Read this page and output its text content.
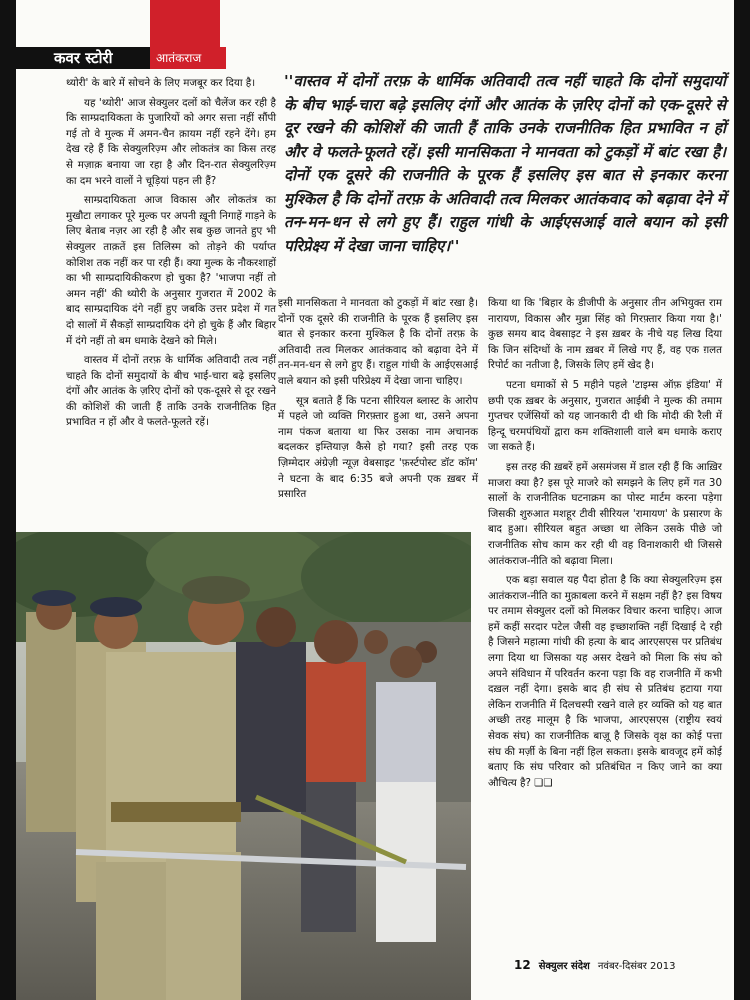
कवर स्टोरी	आतंकराज

''वास्तव में दोनों तरफ़ के धार्मिक अतिवादी तत्व नहीं चाहते कि दोनों समुदायों के बीच भाई-चारा बढ़े इसलिए दंगों और आतंक के ज़रिए दोनों को एक-दूसरे से दूर रखने की कोशिशें की जाती हैं ताकि उनके राजनीतिक हित प्रभावित न हों और वे फलते-फूलते रहें। इसी मानसिकता ने मानवता को टुकड़ों में बांट रखा है। दोनों एक दूसरे की राजनीति के पूरक हैं इसलिए इस बात से इनकार करना मुश्किल है कि दोनों तरफ़ के अतिवादी तत्व मिलकर आतंकवाद को बढ़ावा देने में तन-मन-धन से लगे हुए हैं। राहुल गांधी के आईएसआई वाले बयान को इसी परिप्रेक्ष्य में देखा जाना चाहिए।''

थ्योरी' के बारे में सोचने के लिए मजबूर कर दिया है।

यह 'थ्योरी' आज सेक्युलर दलों को चैलेंज कर रही है कि साम्प्रदायिकता के पुजारियों को अगर सत्ता नहीं सौंपी गई तो वे मुल्क में अमन-चैन क़ायम नहीं रहने देंगे। हम देख रहे हैं कि सेक्युलरिज़्म और लोकतंत्र का किस तरह से मज़ाक़ बनाया जा रहा है और दिन-रात सेक्युलरिज़्म का दम भरने वालों ने चूड़ियां पहन ली हैं?

साम्प्रदायिकता आज विकास और लोकतंत्र का मुखौटा लगाकर पूरे मुल्क पर अपनी ख़ूनी निगाहें गाड़ने के लिए बेताब नज़र आ रही है और सब कुछ जानते हुए भी सेक्युलर ताक़तें इस तिलिस्म को तोड़ने की पर्याप्त कोशिश तक नहीं कर पा रही हैं। क्या मुल्क के नौकरशाहों का भी साम्प्रदायिकीकरण हो चुका है? 'भाजपा नहीं तो अमन नहीं' की थ्योरी के अनुसार गुजरात में 2002 के बाद साम्प्रदायिक दंगे नहीं हुए जबकि उत्तर प्रदेश में गत दो सालों में सैकड़ों साम्प्रदायिक दंगे हो चुके हैं और बिहार में दंगे नहीं तो बम धमाके देखने को मिले।

वास्तव में दोनों तरफ़ के धार्मिक अतिवादी तत्व नहीं चाहते कि दोनों समुदायों के बीच भाई-चारा बढ़े इसलिए दंगों और आतंक के ज़रिए दोनों को एक-दूसरे से दूर रखने की कोशिशें की जाती हैं ताकि उनके राजनीतिक हित प्रभावित न हों और वे फलते-फूलते रहें।

इसी मानसिकता ने मानवता को टुकड़ों में बांट रखा है। दोनों एक दूसरे की राजनीति के पूरक हैं इसलिए इस बात से इनकार करना मुश्किल है कि दोनों तरफ़ के अतिवादी तत्व मिलकर आतंकवाद को बढ़ावा देने में तन-मन-धन से लगे हुए हैं। राहुल गांधी के आईएसआई वाले बयान को इसी परिप्रेक्ष्य में देखा जाना चाहिए।

सूत्र बताते हैं कि पटना सीरियल ब्लास्ट के आरोप में पहले जो व्यक्ति गिरफ़्तार हुआ था, उसने अपना नाम पंकज बताया था फिर उसका नाम अचानक बदलकर इम्तियाज़ कैसे हो गया? इसी तरह एक ज़िम्मेदार अंग्रेज़ी न्यूज़ वेबसाइट 'फ़र्स्टपोस्ट डॉट कॉम' ने घटना के बाद 6:35 बजे अपनी एक ख़बर में प्रसारित

किया था कि 'बिहार के डीजीपी के अनुसार तीन अभियुक्त राम नारायण, विकास और मुन्ना सिंह को गिरफ़्तार किया गया है।' कुछ समय बाद वेबसाइट ने इस ख़बर के नीचे यह लिख दिया कि जिन संदिग्धों के नाम ख़बर में लिखे गए हैं, वह एक ग़लत रिपोर्ट का नतीजा है, जिसके लिए हमें खेद है।

पटना धमाकों से 5 महीने पहले 'टाइम्स ऑफ़ इंडिया' में छपी एक ख़बर के अनुसार, गुजरात आईबी ने मुल्क की तमाम गुप्तचर एजेंसियों को यह जानकारी दी थी कि मोदी की रैली में हिन्दू चरमपंथियों द्वारा कम शक्तिशाली वाले बम धमाके कराए जा सकते हैं।

इस तरह की ख़बरें हमें असमंजस में डाल रही हैं कि आख़िर माजरा क्या है? इस पूरे माजरे को समझने के लिए हमें गत 30 सालों के राजनीतिक घटनाक्रम का पोस्ट मार्टम करना पड़ेगा जिसकी शुरुआत मशहूर टीवी सीरियल 'रामायण' के प्रसारण के बाद हुआ। सीरियल बहुत अच्छा था लेकिन उसके पीछे जो राजनीतिक सोच काम कर रही थी वह विनाशकारी थी जिससे आतंकराज-नीति को बढ़ावा मिला।

एक बड़ा सवाल यह पैदा होता है कि क्या सेक्युलरिज़्म इस आतंकराज-नीति का मुक़ाबला करने में सक्षम नहीं है? इस विषय पर तमाम सेक्युलर दलों को मिलकर विचार करना चाहिए। आज हमें कहीं सरदार पटेल जैसी वह इच्छाशक्ति नहीं दिखाई दे रही है जिसने महात्मा गांधी की हत्या के बाद आरएसएस पर प्रतिबंध लगा दिया था जिसका यह असर देखने को मिला कि संघ को अपने संविधान में परिवर्तन करना पड़ा कि वह राजनीति में कभी दख़ल नहीं देगा। इसके बाद ही संघ से प्रतिबंध हटाया गया लेकिन राजनीति में दिलचस्पी रखने वाले हर व्यक्ति को यह बात अच्छी तरह मालूम है कि भाजपा, आरएसएस (राष्ट्रीय स्वयं सेवक संघ) का राजनीतिक बाज़ू है जिसके वृक्ष का कोई पत्ता संघ की मर्ज़ी के बिना नहीं हिल सकता। इसके बावजूद हमें कोई बताए कि संघ परिवार को प्रतिबंधित न किए जाने का क्या औचित्य है? ❏❏

12 सेक्युलर संदेश नवंबर-दिसंबर 2013
